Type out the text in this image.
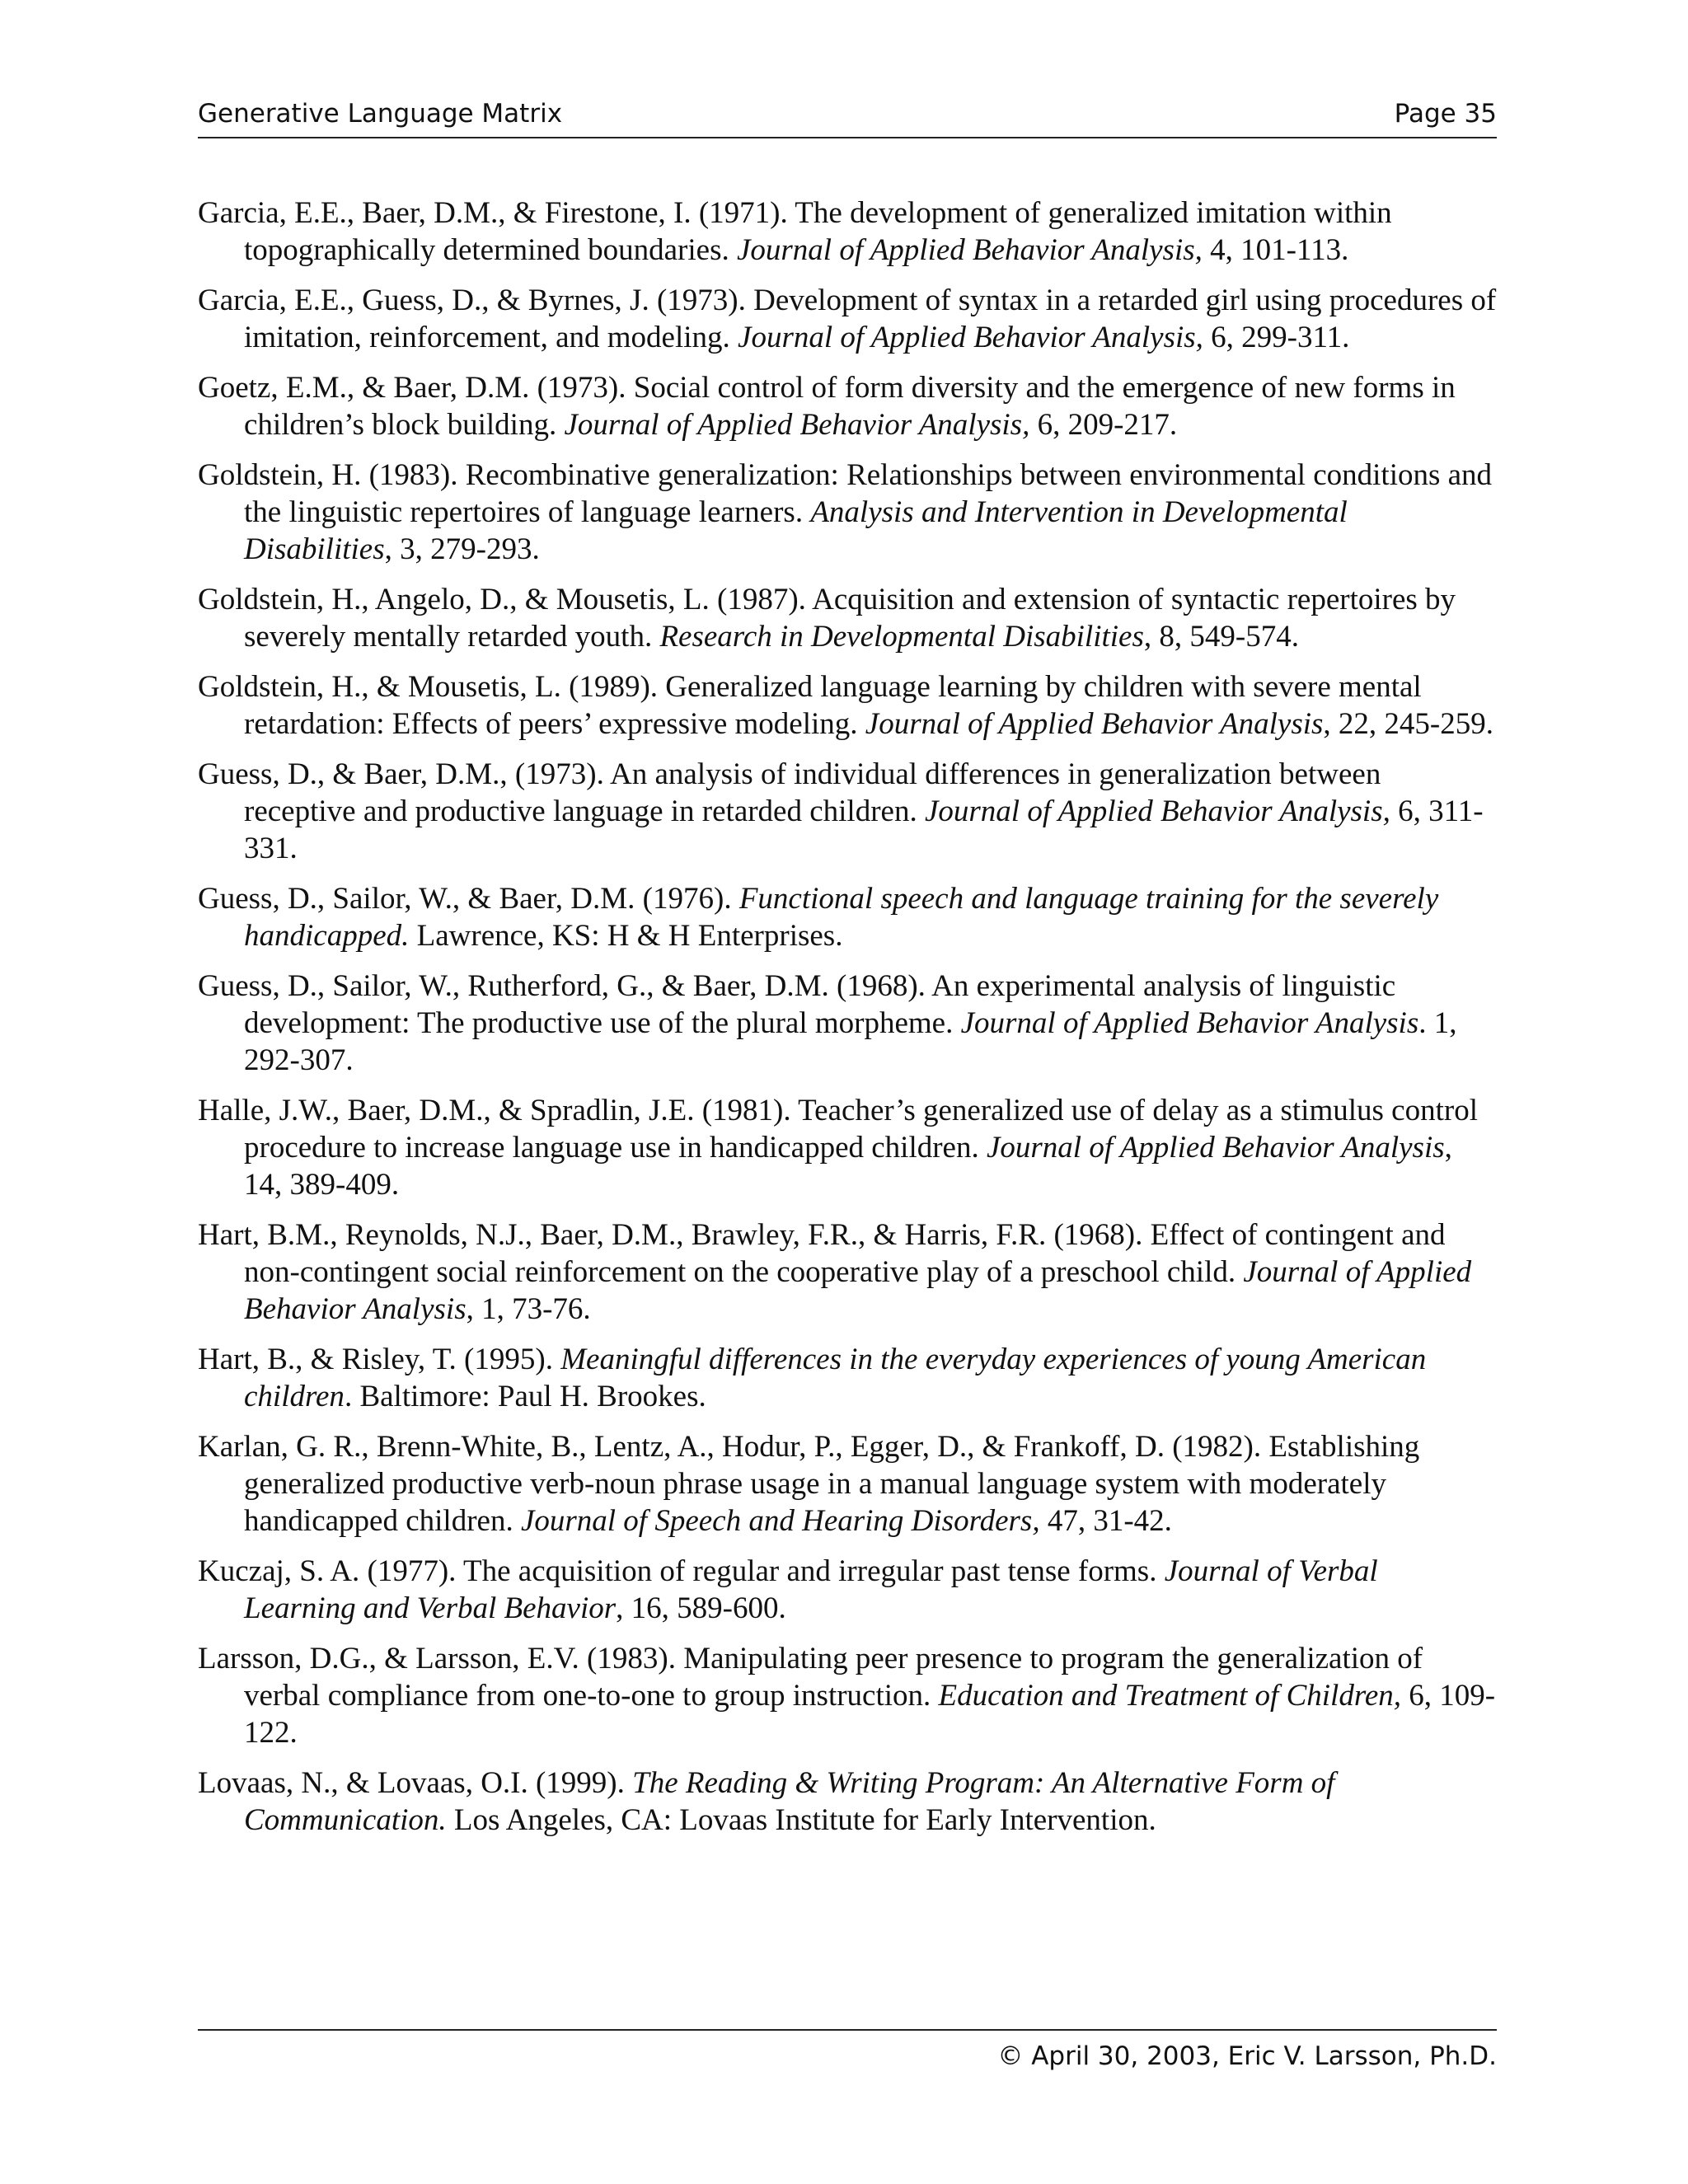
Generative Language Matrix	Page 35

Garcia, E.E., Baer, D.M., & Firestone, I. (1971). The development of generalized imitation within topographically determined boundaries. Journal of Applied Behavior Analysis, 4, 101-113.

Garcia, E.E., Guess, D., & Byrnes, J. (1973). Development of syntax in a retarded girl using procedures of imitation, reinforcement, and modeling. Journal of Applied Behavior Analysis, 6, 299-311.

Goetz, E.M., & Baer, D.M. (1973). Social control of form diversity and the emergence of new forms in children’s block building. Journal of Applied Behavior Analysis, 6, 209-217.

Goldstein, H. (1983). Recombinative generalization: Relationships between environmental conditions and the linguistic repertoires of language learners. Analysis and Intervention in Developmental Disabilities, 3, 279-293.

Goldstein, H., Angelo, D., & Mousetis, L. (1987). Acquisition and extension of syntactic repertoires by severely mentally retarded youth. Research in Developmental Disabilities, 8, 549-574.

Goldstein, H., & Mousetis, L. (1989). Generalized language learning by children with severe mental retardation: Effects of peers’ expressive modeling. Journal of Applied Behavior Analysis, 22, 245-259.

Guess, D., & Baer, D.M., (1973). An analysis of individual differences in generalization between receptive and productive language in retarded children. Journal of Applied Behavior Analysis, 6, 311-331.

Guess, D., Sailor, W., & Baer, D.M. (1976). Functional speech and language training for the severely handicapped. Lawrence, KS: H & H Enterprises.

Guess, D., Sailor, W., Rutherford, G., & Baer, D.M. (1968). An experimental analysis of linguistic development: The productive use of the plural morpheme. Journal of Applied Behavior Analysis. 1, 292-307.

Halle, J.W., Baer, D.M., & Spradlin, J.E. (1981). Teacher’s generalized use of delay as a stimulus control procedure to increase language use in handicapped children. Journal of Applied Behavior Analysis, 14, 389-409.

Hart, B.M., Reynolds, N.J., Baer, D.M., Brawley, F.R., & Harris, F.R. (1968). Effect of contingent and non-contingent social reinforcement on the cooperative play of a preschool child. Journal of Applied Behavior Analysis, 1, 73-76.

Hart, B., & Risley, T. (1995). Meaningful differences in the everyday experiences of young American children. Baltimore: Paul H. Brookes.

Karlan, G. R., Brenn-White, B., Lentz, A., Hodur, P., Egger, D., & Frankoff, D. (1982). Establishing generalized productive verb-noun phrase usage in a manual language system with moderately handicapped children. Journal of Speech and Hearing Disorders, 47, 31-42.

Kuczaj, S. A. (1977). The acquisition of regular and irregular past tense forms. Journal of Verbal Learning and Verbal Behavior, 16, 589-600.

Larsson, D.G., & Larsson, E.V. (1983). Manipulating peer presence to program the generalization of verbal compliance from one-to-one to group instruction. Education and Treatment of Children, 6, 109-122.

Lovaas, N., & Lovaas, O.I. (1999). The Reading & Writing Program: An Alternative Form of Communication. Los Angeles, CA: Lovaas Institute for Early Intervention.

© April 30, 2003, Eric V. Larsson, Ph.D.
